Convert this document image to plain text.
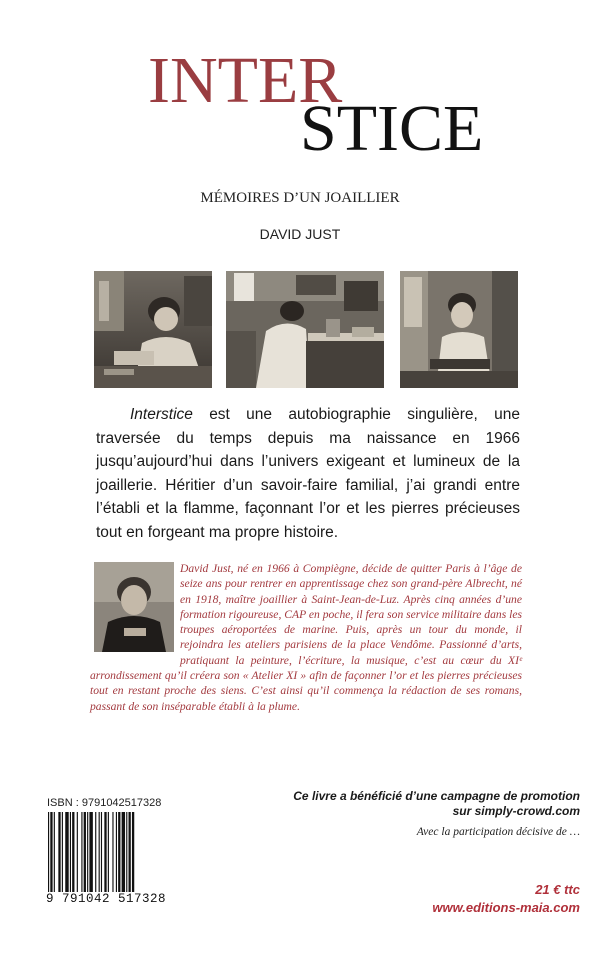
INTER
STICE
MÉMOIRES D’UN JOAILLIER
DAVID JUST
Interstice est une autobiographie singulière, une traversée du temps depuis ma naissance en 1966 jusqu’aujourd’hui dans l’univers exigeant et lumineux de la joaillerie. Héritier d’un savoir-faire familial, j’ai grandi entre l’établi et la flamme, façonnant l’or et les pierres précieuses tout en forgeant ma propre histoire.
David Just, né en 1966 à Compiègne, décide de quitter Paris à l’âge de seize ans pour rentrer en apprentissage chez son grand-père Albrecht, né en 1918, maître joaillier à Saint-Jean-de-Luz. Après cinq années d’une formation rigoureuse, CAP en poche, il fera son service militaire dans les troupes aéroportées de marine. Puis, après un tour du monde, il rejoindra les ateliers parisiens de la place Vendôme. Passionné d’arts, pratiquant la peinture, l’écriture, la musique, c’est au cœur du XIᵉ arrondissement qu’il créera son « Atelier XI » afin de façonner l’or et les pierres précieuses tout en restant proche des siens. C’est ainsi qu’il commença la rédaction de ses romans, passant de son inséparable établi à la plume.
ISBN : 9791042517328
9 791042 517328
Ce livre a bénéficié d’une campagne de promotion
sur simply-crowd.com
Avec la participation décisive de …
21 € ttc
www.editions-maia.com
